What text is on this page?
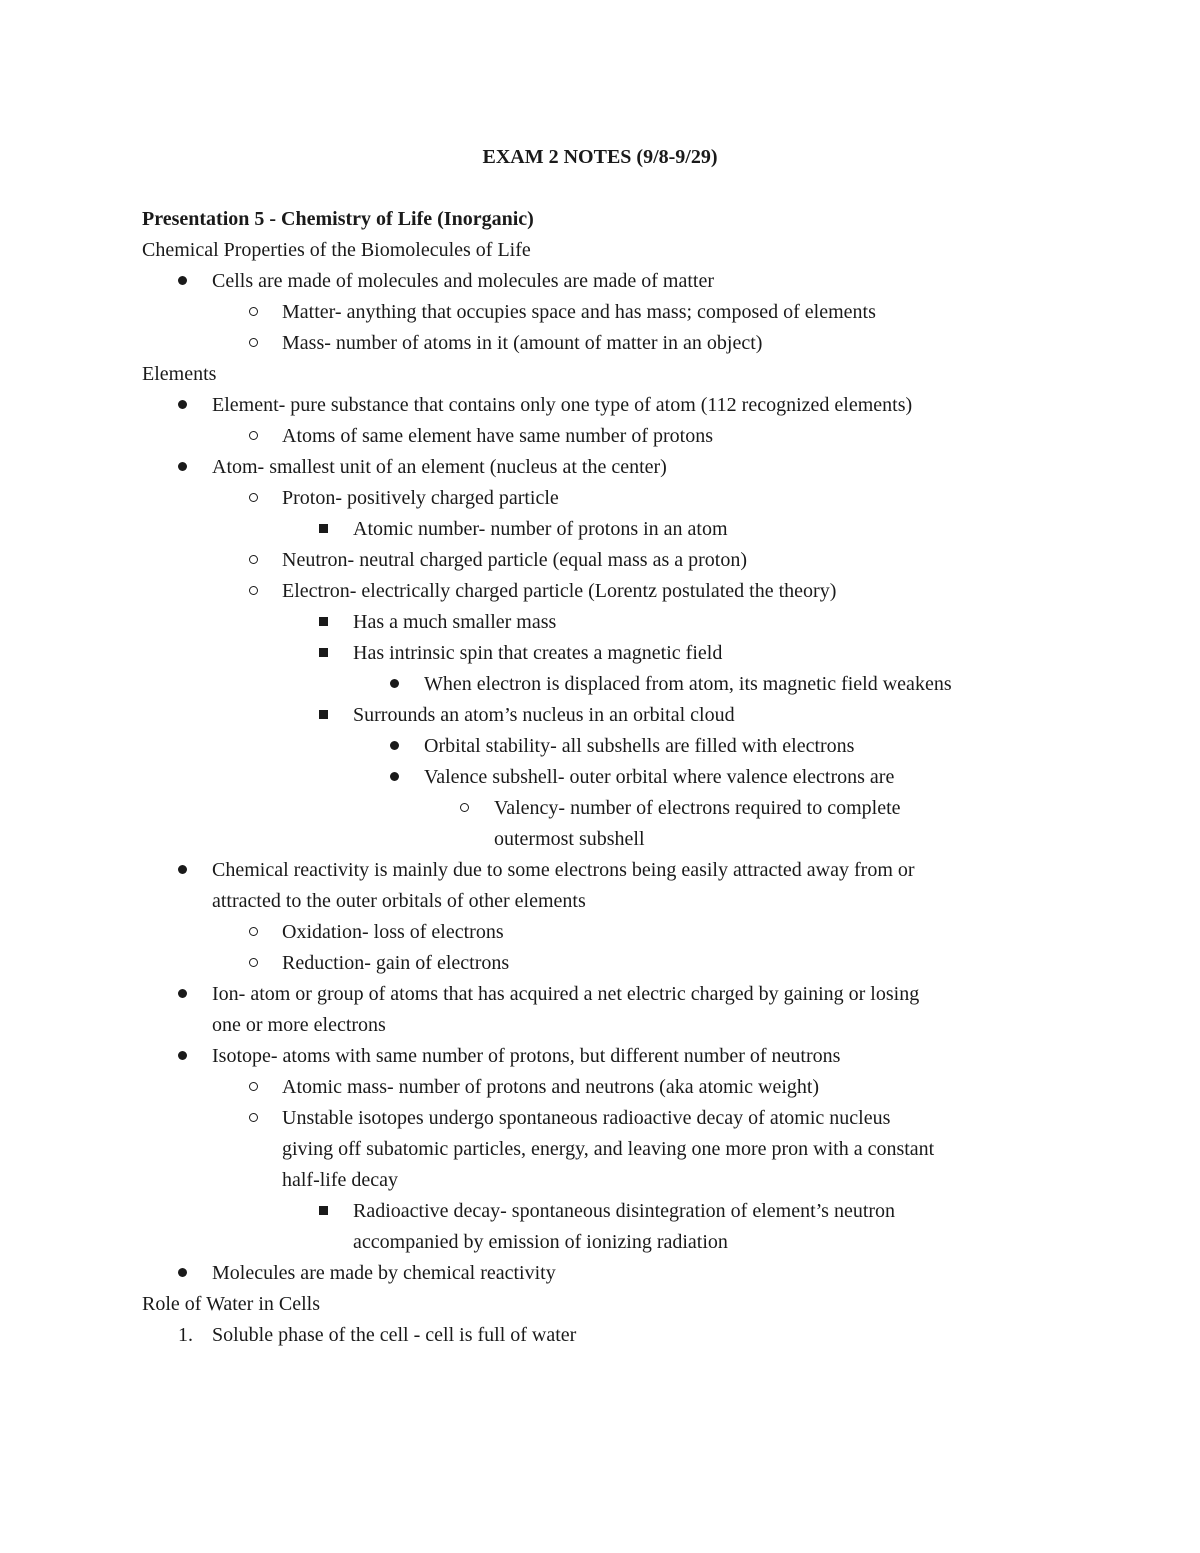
EXAM 2 NOTES (9/8-9/29)
Presentation 5 - Chemistry of Life (Inorganic)
Chemical Properties of the Biomolecules of Life
Cells are made of molecules and molecules are made of matter
Matter- anything that occupies space and has mass; composed of elements
Mass- number of atoms in it (amount of matter in an object)
Elements
Element- pure substance that contains only one type of atom (112 recognized elements)
Atoms of same element have same number of protons
Atom- smallest unit of an element (nucleus at the center)
Proton- positively charged particle
Atomic number- number of protons in an atom
Neutron- neutral charged particle (equal mass as a proton)
Electron- electrically charged particle (Lorentz postulated the theory)
Has a much smaller mass
Has intrinsic spin that creates a magnetic field
When electron is displaced from atom, its magnetic field weakens
Surrounds an atom’s nucleus in an orbital cloud
Orbital stability- all subshells are filled with electrons
Valence subshell- outer orbital where valence electrons are
Valency- number of electrons required to complete
outermost subshell
Chemical reactivity is mainly due to some electrons being easily attracted away from or
attracted to the outer orbitals of other elements
Oxidation- loss of electrons
Reduction- gain of electrons
Ion- atom or group of atoms that has acquired a net electric charged by gaining or losing
one or more electrons
Isotope- atoms with same number of protons, but different number of neutrons
Atomic mass- number of protons and neutrons (aka atomic weight)
Unstable isotopes undergo spontaneous radioactive decay of atomic nucleus
giving off subatomic particles, energy, and leaving one more pron with a constant
half-life decay
Radioactive decay- spontaneous disintegration of element’s neutron
accompanied by emission of ionizing radiation
Molecules are made by chemical reactivity
Role of Water in Cells
1. Soluble phase of the cell - cell is full of water
